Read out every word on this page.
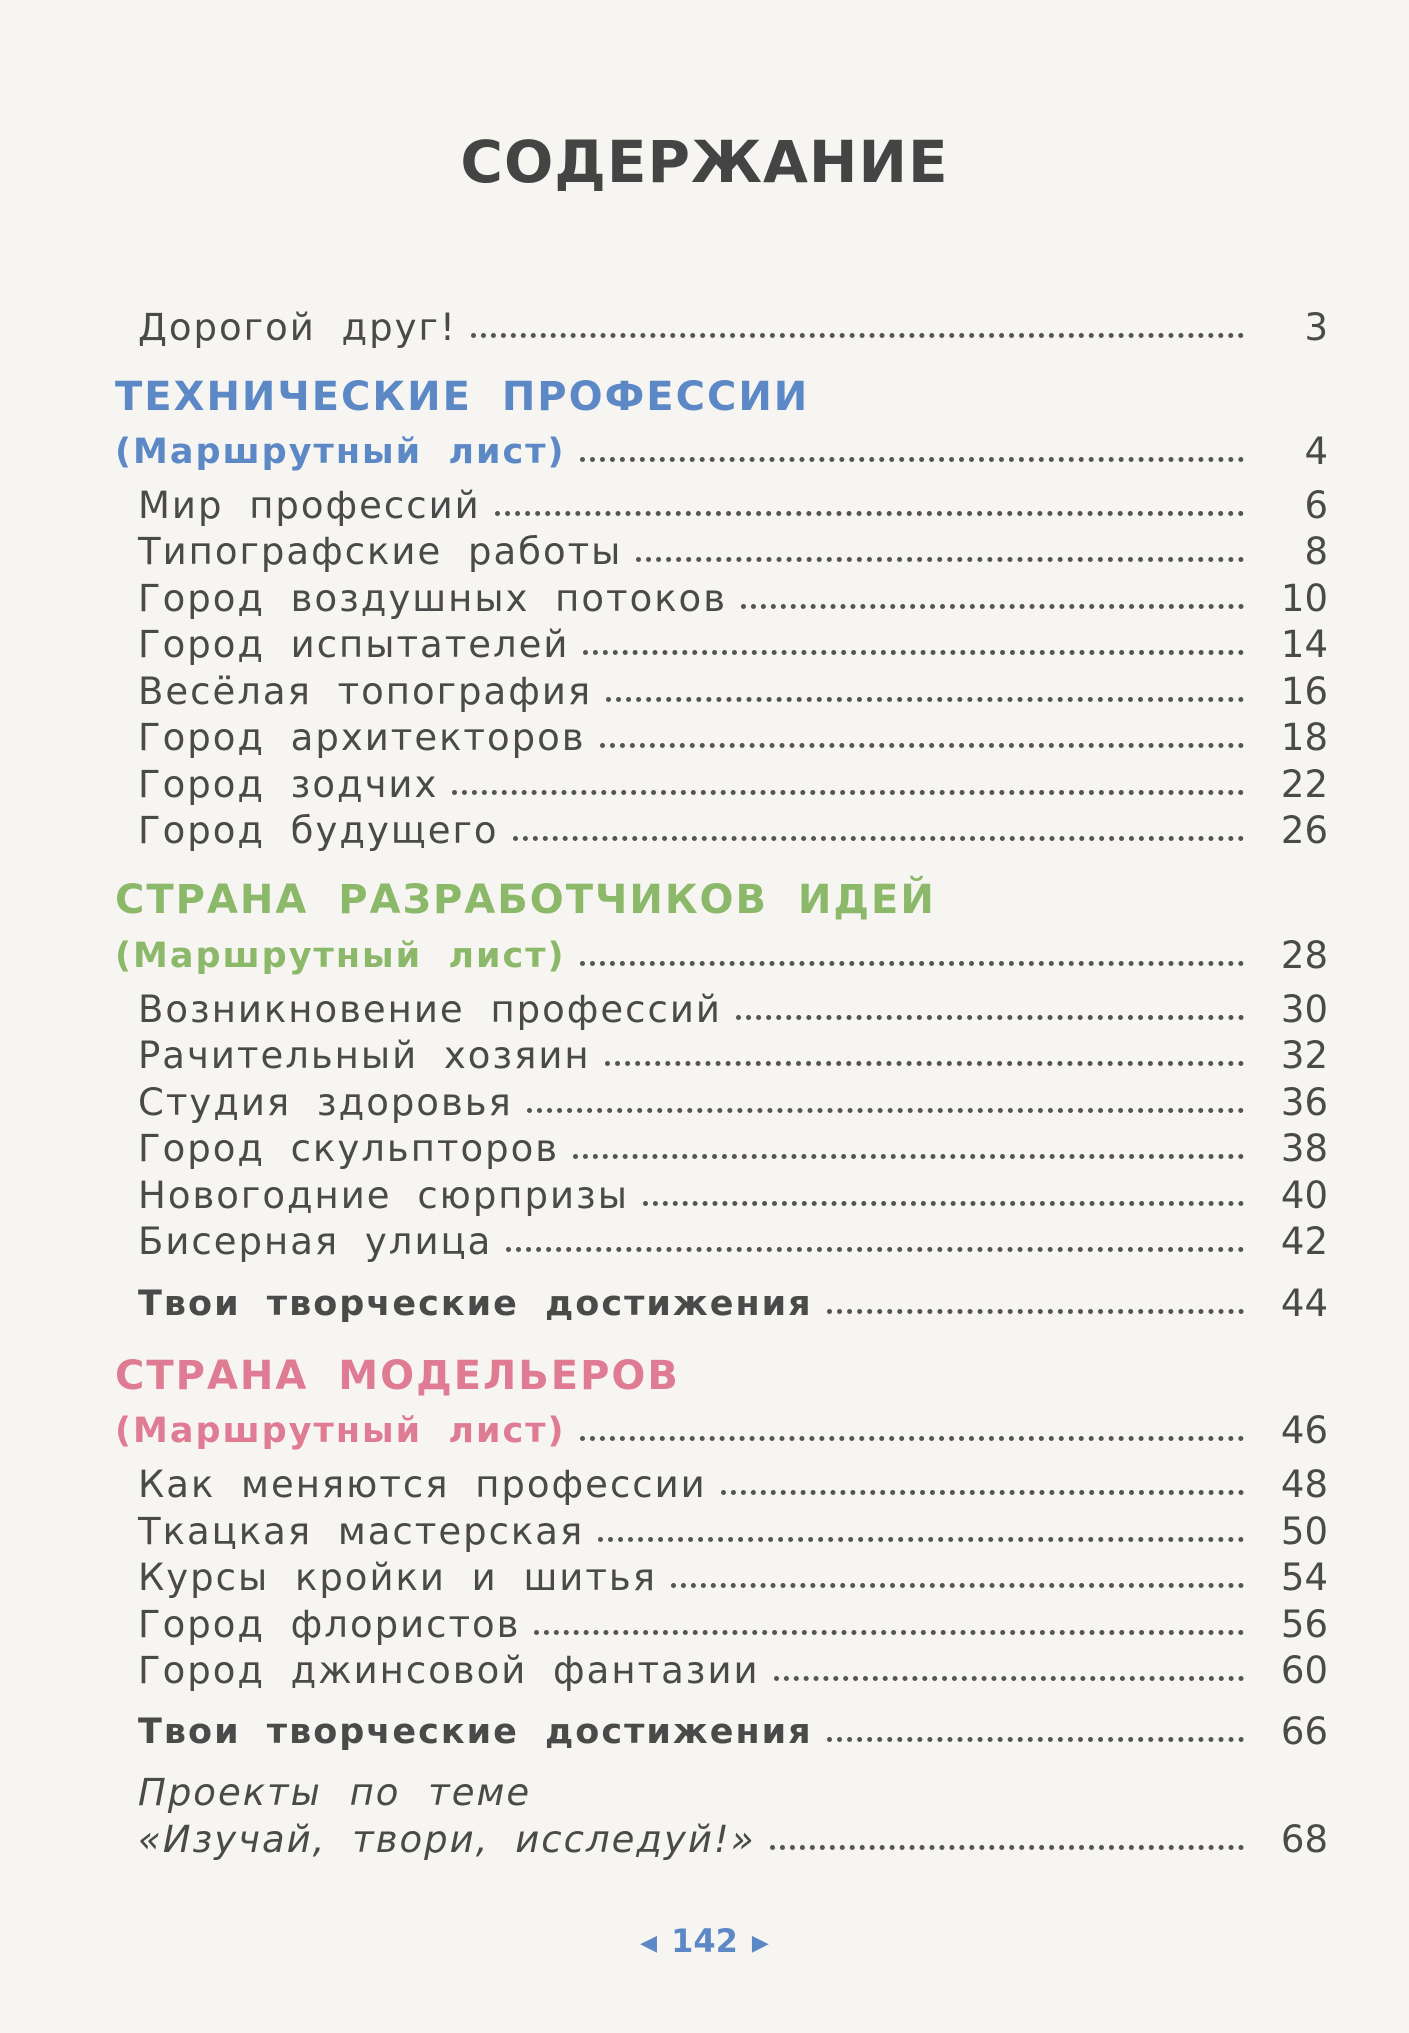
СОДЕРЖАНИЕ
Дорогой друг!	3
ТЕХНИЧЕСКИЕ ПРОФЕССИИ
(Маршрутный лист)	4
Мир профессий	6
Типографские работы	8
Город воздушных потоков	10
Город испытателей	14
Весёлая топография	16
Город архитекторов	18
Город зодчих	22
Город будущего	26
СТРАНА РАЗРАБОТЧИКОВ ИДЕЙ
(Маршрутный лист)	28
Возникновение профессий	30
Рачительный хозяин	32
Студия здоровья	36
Город скульпторов	38
Новогодние сюрпризы	40
Бисерная улица	42
Твои творческие достижения	44
СТРАНА МОДЕЛЬЕРОВ
(Маршрутный лист)	46
Как меняются профессии	48
Ткацкая мастерская	50
Курсы кройки и шитья	54
Город флористов	56
Город джинсовой фантазии	60
Твои творческие достижения	66
Проекты по теме
«Изучай, твори, исследуй!»	68
◀ 142 ▶
